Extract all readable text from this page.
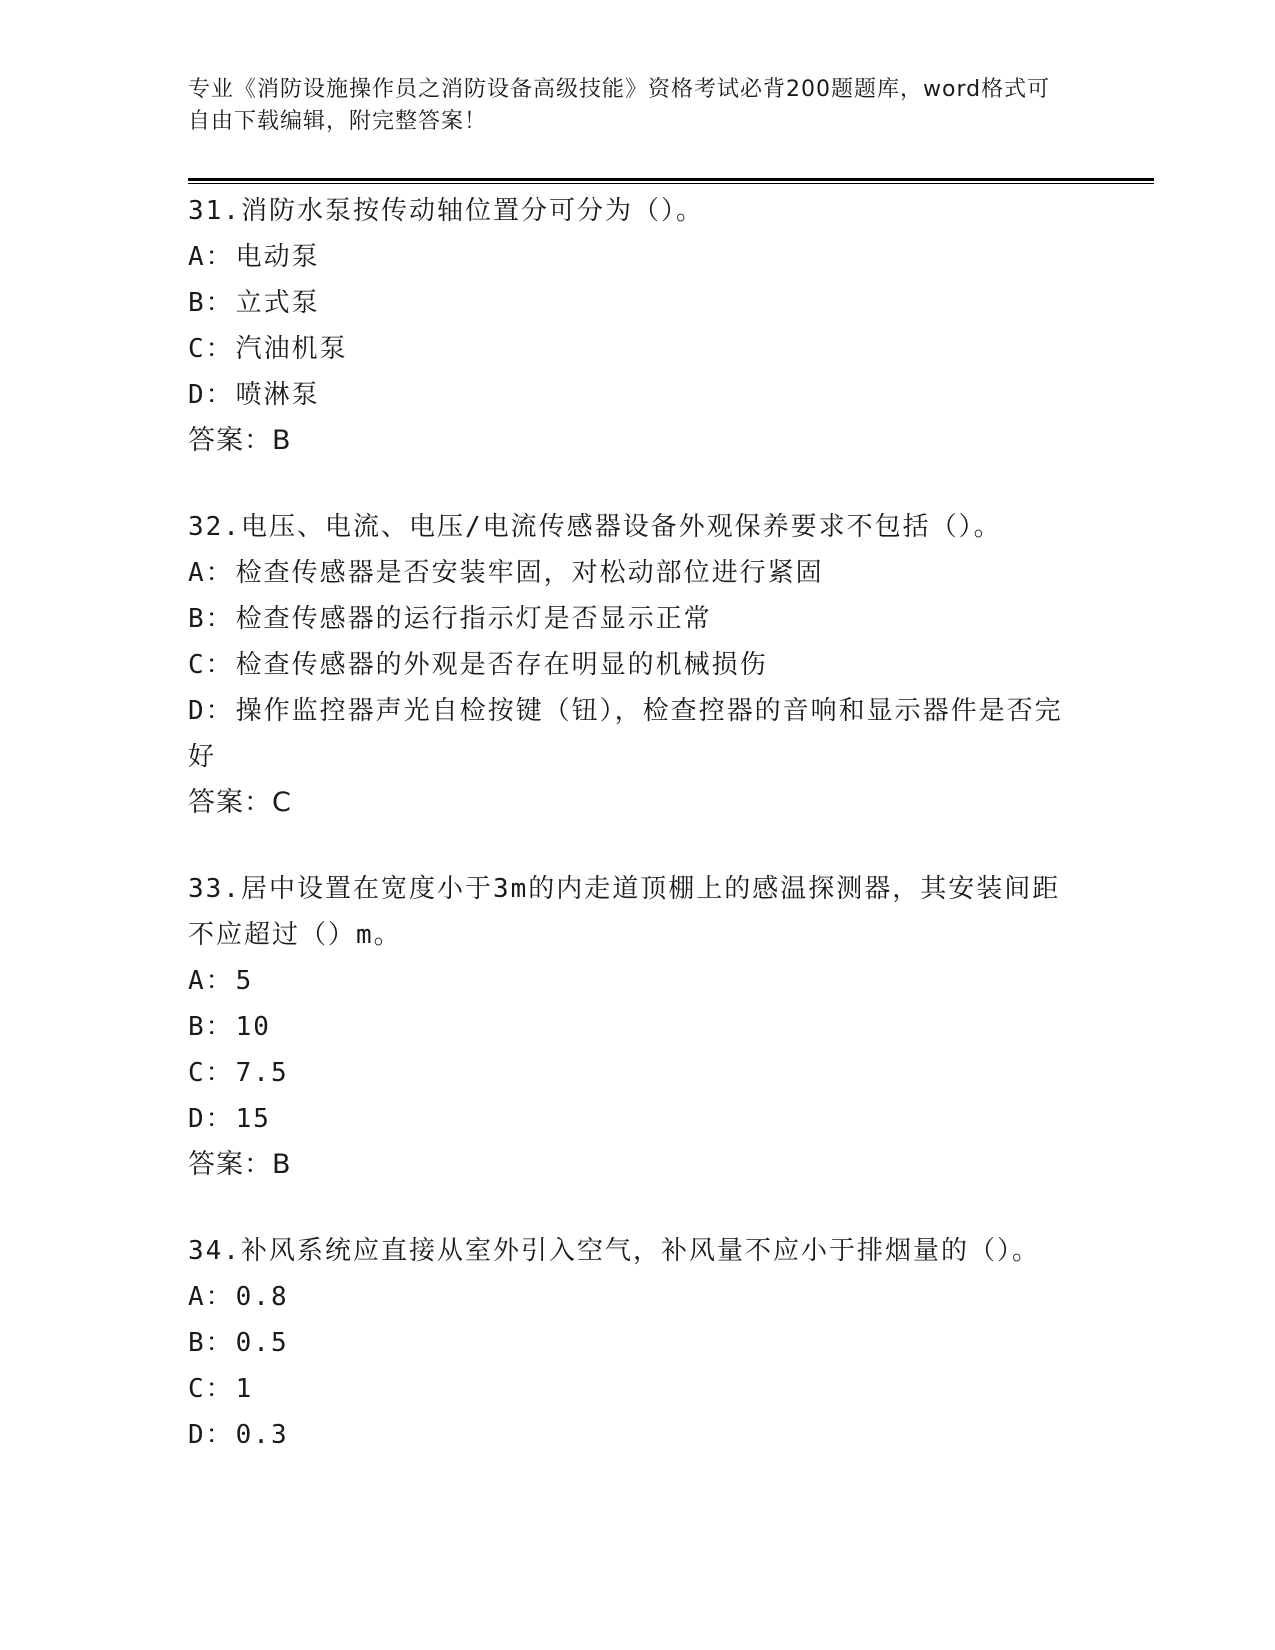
专业《消防设施操作员之消防设备高级技能》资格考试必背200题题库，word格式可自由下载编辑，附完整答案！
31.消防水泵按传动轴位置分可分为（）。
A：电动泵
B：立式泵
C：汽油机泵
D：喷淋泵
答案：B
32.电压、电流、电压/电流传感器设备外观保养要求不包括（）。
A：检查传感器是否安装牢固，对松动部位进行紧固
B：检查传感器的运行指示灯是否显示正常
C：检查传感器的外观是否存在明显的机械损伤
D：操作监控器声光自检按键（钮），检查控器的音响和显示器件是否完好
答案：C
33.居中设置在宽度小于3m的内走道顶棚上的感温探测器，其安装间距不应超过（）m。
A：5
B：10
C：7.5
D：15
答案：B
34.补风系统应直接从室外引入空气，补风量不应小于排烟量的（）。
A：0.8
B：0.5
C：1
D：0.3
